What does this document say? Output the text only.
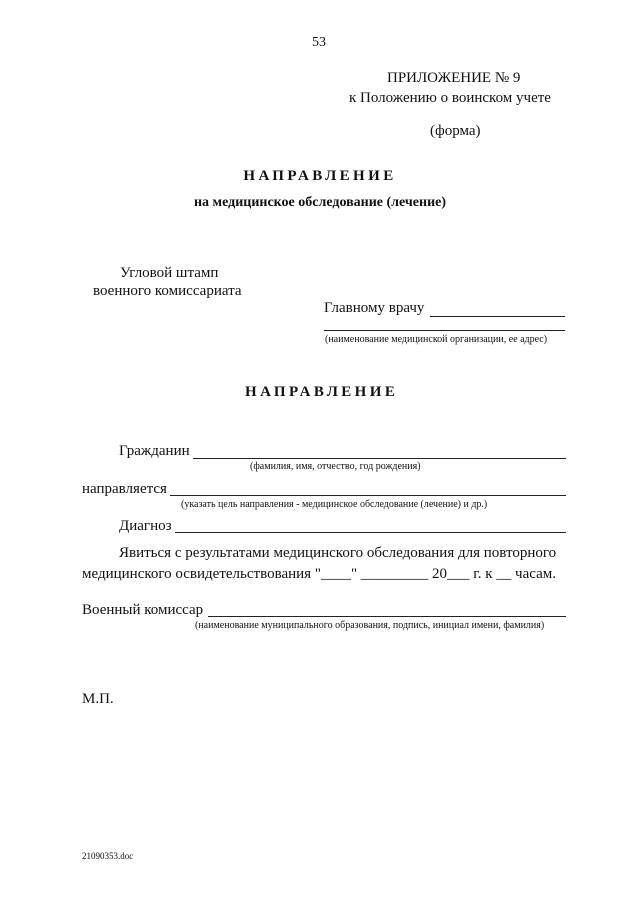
53
ПРИЛОЖЕНИЕ № 9
к Положению о воинском учете
(форма)
НАПРАВЛЕНИЕ
на медицинское обследование (лечение)
Угловой штамп
военного комиссариата
Главному врачу
(наименование медицинской организации, ее адрес)
НАПРАВЛЕНИЕ
Гражданин
(фамилия, имя, отчество, год рождения)
направляется
(указать цель направления - медицинское обследование (лечение) и др.)
Диагноз
Явиться с результатами медицинского обследования для повторного
медицинского освидетельствования "____" _________ 20___ г. к __ часам.
Военный комиссар
(наименование муниципального образования, подпись, инициал имени, фамилия)
М.П.
21090353.doc
